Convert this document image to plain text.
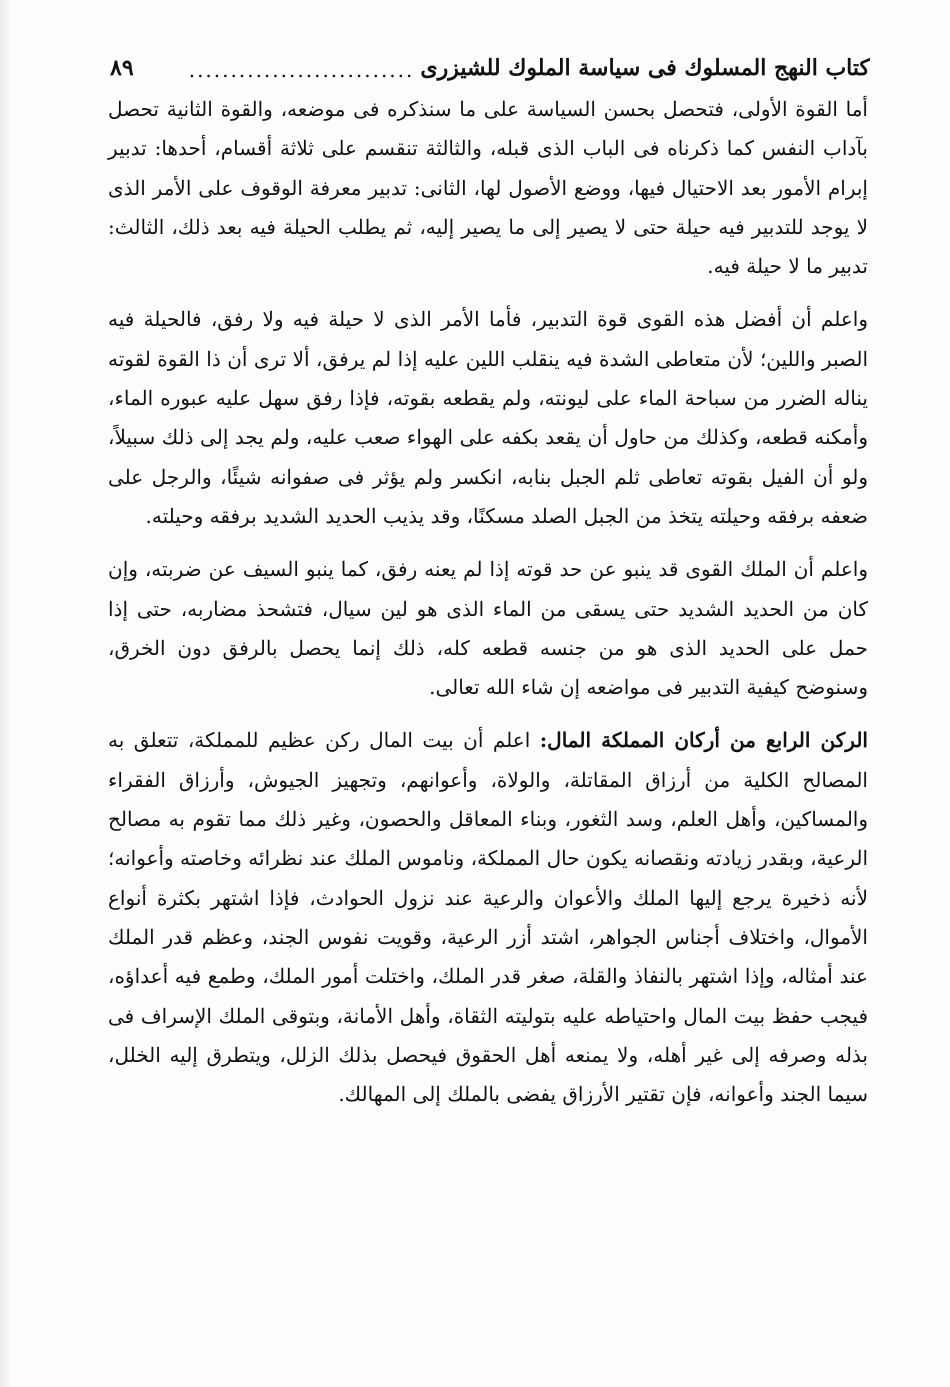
كتاب النهج المسلوك فى سياسة الملوك للشيزرى
...........................
٨٩

أما القوة الأولى، فتحصل بحسن السياسة على ما سنذكره فى موضعه، والقوة الثانية تحصل بآداب النفس كما ذكرناه فى الباب الذى قبله، والثالثة تنقسم على ثلاثة أقسام، أحدها: تدبير إبرام الأمور بعد الاحتيال فيها، ووضع الأصول لها، الثانى: تدبير معرفة الوقوف على الأمر الذى لا يوجد للتدبير فيه حيلة حتى لا يصير إلى ما يصير إليه، ثم يطلب الحيلة فيه بعد ذلك، الثالث: تدبير ما لا حيلة فيه.

واعلم أن أفضل هذه القوى قوة التدبير، فأما الأمر الذى لا حيلة فيه ولا رفق، فالحيلة فيه الصبر واللين؛ لأن متعاطى الشدة فيه ينقلب اللين عليه إذا لم يرفق، ألا ترى أن ذا القوة لقوته يناله الضرر من سباحة الماء على ليونته، ولم يقطعه بقوته، فإذا رفق سهل عليه عبوره الماء، وأمكنه قطعه، وكذلك من حاول أن يقعد بكفه على الهواء صعب عليه، ولم يجد إلى ذلك سبيلاً، ولو أن الفيل بقوته تعاطى ثلم الجبل بنابه، انكسر ولم يؤثر فى صفوانه شيئًا، والرجل على ضعفه برفقه وحيلته يتخذ من الجبل الصلد مسكنًا، وقد يذيب الحديد الشديد برفقه وحيلته.

واعلم أن الملك القوى قد ينبو عن حد قوته إذا لم يعنه رفق، كما ينبو السيف عن ضربته، وإن كان من الحديد الشديد حتى يسقى من الماء الذى هو لين سيال، فتشحذ مضاربه، حتى إذا حمل على الحديد الذى هو من جنسه قطعه كله، ذلك إنما يحصل بالرفق دون الخرق، وسنوضح كيفية التدبير فى مواضعه إن شاء الله تعالى.

الركن الرابع من أركان المملكة المال: اعلم أن بيت المال ركن عظيم للمملكة، تتعلق به المصالح الكلية من أرزاق المقاتلة، والولاة، وأعوانهم، وتجهيز الجيوش، وأرزاق الفقراء والمساكين، وأهل العلم، وسد الثغور، وبناء المعاقل والحصون، وغير ذلك مما تقوم به مصالح الرعية، وبقدر زيادته ونقصانه يكون حال المملكة، وناموس الملك عند نظرائه وخاصته وأعوانه؛ لأنه ذخيرة يرجع إليها الملك والأعوان والرعية عند نزول الحوادث، فإذا اشتهر بكثرة أنواع الأموال، واختلاف أجناس الجواهر، اشتد أزر الرعية، وقويت نفوس الجند، وعظم قدر الملك عند أمثاله، وإذا اشتهر بالنفاذ والقلة، صغر قدر الملك، واختلت أمور الملك، وطمع فيه أعداؤه، فيجب حفظ بيت المال واحتياطه عليه بتوليته الثقاة، وأهل الأمانة، وبتوقى الملك الإسراف فى بذله وصرفه إلى غير أهله، ولا يمنعه أهل الحقوق فيحصل بذلك الزلل، ويتطرق إليه الخلل، سيما الجند وأعوانه، فإن تقتير الأرزاق يفضى بالملك إلى المهالك.
